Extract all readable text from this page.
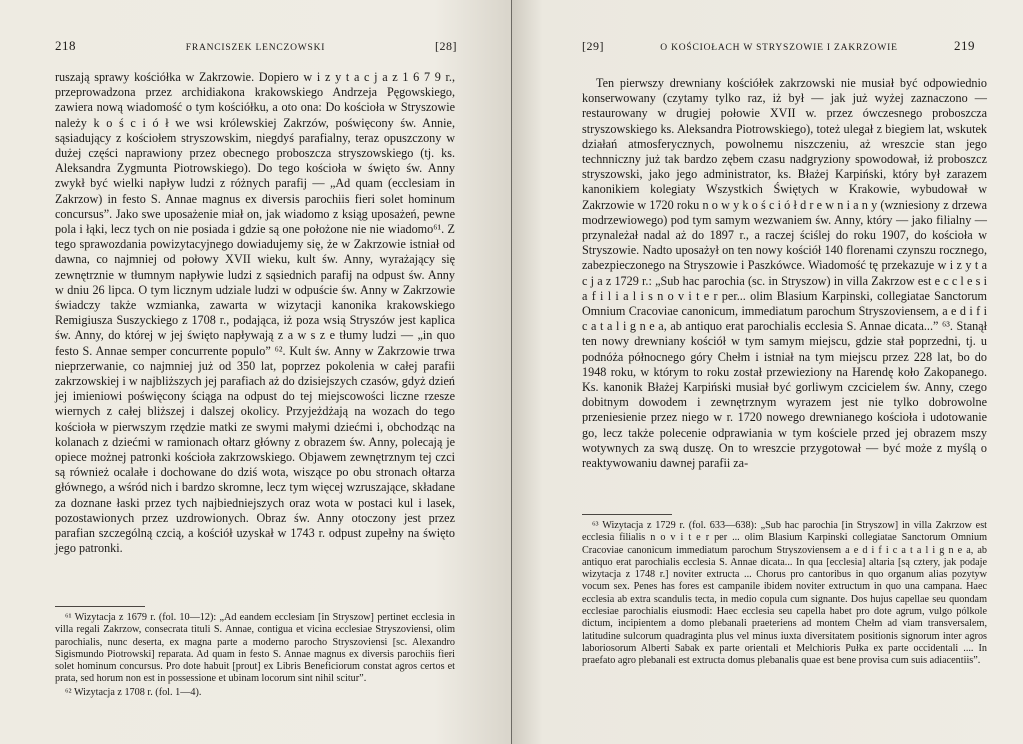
218	FRANCISZEK LENCZOWSKI	[28]

ruszają sprawy kościółka w Zakrzowie. Dopiero w i z y t a c j a z 1 6 7 9 r., przeprowadzona przez archidiakona krakowskiego Andrzeja Pęgowskiego, zawiera nową wiadomość o tym kościółku, a oto ona: Do kościoła w Stryszowie należy k o ś c i ó ł we wsi królewskiej Zakrzów, poświęcony św. Annie, sąsiadujący z kościołem stryszowskim, niegdyś parafialny, teraz opuszczony w dużej części naprawiony przez obecnego proboszcza stryszowskiego (tj. ks. Aleksandra Zygmunta Piotrowskiego). Do tego kościoła w święto św. Anny zwykł być wielki napływ ludzi z różnych parafij — „Ad quam (ecclesiam in Zakrzow) in festo S. Annae magnus ex diversis parochiis fieri solet hominum concursus”. Jako swe uposażenie miał on, jak wiadomo z ksiąg uposażeń, pewne pola i łąki, lecz tych on nie posiada i gdzie są one położone nie nie wiadomo⁶¹. Z tego sprawozdania powizytacyjnego dowiadujemy się, że w Zakrzowie istniał od dawna, co najmniej od połowy XVII wieku, kult św. Anny, wyrażający się zewnętrznie w tłumnym napływie ludzi z sąsiednich parafij na odpust św. Anny w dniu 26 lipca. O tym licznym udziale ludzi w odpuście św. Anny w Zakrzowie świadczy także wzmianka, zawarta w wizytacji kanonika krakowskiego Remigiusza Suszyckiego z 1708 r., podająca, iż poza wsią Stryszów jest kaplica św. Anny, do której w jej święto napływają z a w s z e tłumy ludzi — „in quo festo S. Annae semper concurrente populo” ⁶². Kult św. Anny w Zakrzowie trwa nieprzerwanie, co najmniej już od 350 lat, poprzez pokolenia w całej parafii zakrzowskiej i w najbliższych jej parafiach aż do dzisiejszych czasów, gdyż dzień jej imieniowi poświęcony ściąga na odpust do tej miejscowości liczne rzesze wiernych z całej bliższej i dalszej okolicy. Przyjeżdżają na wozach do tego kościoła w pierwszym rzędzie matki ze swymi małymi dziećmi i, obchodząc na kolanach z dziećmi w ramionach ołtarz główny z obrazem św. Anny, polecają je opiece możnej patronki kościoła zakrzowskiego. Objawem zewnętrznym tej czci są również ocalałe i dochowane do dziś wota, wiszące po obu stronach ołtarza głównego, a wśród nich i bardzo skromne, lecz tym więcej wzruszające, składane za doznane łaski przez tych najbiedniejszych oraz wota w postaci kul i lasek, pozostawionych przez uzdrowionych. Obraz św. Anny otoczony jest przez parafian szczególną czcią, a kościół uzyskał w 1743 r. odpust zupełny na święto jego patronki.

⁶¹ Wizytacja z 1679 r. (fol. 10—12): „Ad eandem ecclesiam [in Stryszow] pertinet ecclesia in villa regali Zakrzow, consecrata tituli S. Annae, contigua et vicina ecclesiae Stryszoviensi, olim parochialis, nunc deserta, ex magna parte a moderno parocho Stryszoviensi [sc. Alexandro Sigismundo Piotrowski] reparata. Ad quam in festo S. Annae magnus ex diversis parochiis fieri solet hominum concursus. Pro dote habuit [prout] ex Libris Beneficiorum constat agros certos et prata, sed horum non est in possessione et ubinam locorum sint nihil scitur”.

⁶² Wizytacja z 1708 r. (fol. 1—4).

[29]	O KOŚCIOŁACH W STRYSZOWIE I ZAKRZOWIE	219

Ten pierwszy drewniany kościółek zakrzowski nie musiał być odpowiednio konserwowany (czytamy tylko raz, iż był — jak już wyżej zaznaczono — restaurowany w drugiej połowie XVII w. przez ówczesnego proboszcza stryszowskiego ks. Aleksandra Piotrowskiego), toteż ulegał z biegiem lat, wskutek działań atmosferycznych, powolnemu niszczeniu, aż wreszcie stan jego technniczny już tak bardzo zębem czasu nadgryziony spowodował, iż proboszcz stryszowski, jako jego administrator, ks. Błażej Karpiński, który był zarazem kanonikiem kolegiaty Wszystkich Świętych w Krakowie, wybudował w Zakrzowie w 1720 roku n o w y k o ś c i ó ł d r e w n i a n y (wzniesiony z drzewa modrzewiowego) pod tym samym wezwaniem św. Anny, który — jako filialny — przynależał nadal aż do 1897 r., a raczej ściślej do roku 1907, do kościoła w Stryszowie. Nadto uposażył on ten nowy kościół 140 florenami czynszu rocznego, zabezpieczonego na Stryszowie i Paszkówce. Wiadomość tę przekazuje w i z y t a c j a z 1729 r.: „Sub hac parochia (sc. in Stryszow) in villa Zakrzow est e c c l e s i a f i l i a l i s n o v i t e r per... olim Blasium Karpinski, collegiatae Sanctorum Omnium Cracoviae canonicum, immediatum parochum Stryszoviensem, a e d i f i c a t a l i g n e a, ab antiquo erat parochialis ecclesia S. Annae dicata...” ⁶³. Stanął ten nowy drewniany kościół w tym samym miejscu, gdzie stał poprzedni, tj. u podnóża północnego góry Chełm i istniał na tym miejscu przez 228 lat, bo do 1948 roku, w którym to roku został przewieziony na Harendę koło Zakopanego. Ks. kanonik Błażej Karpiński musiał być gorliwym czcicielem św. Anny, czego dobitnym dowodem i zewnętrznym wyrazem jest nie tylko dobrowolne przeniesienie przez niego w r. 1720 nowego drewnianego kościoła i udotowanie go, lecz także polecenie odprawiania w tym kościele przed jej obrazem mszy wotywnych za swą duszę. On to wreszcie przygotował — być może z myślą o reaktywowaniu dawnej parafii za-

⁶³ Wizytacja z 1729 r. (fol. 633—638): „Sub hac parochia [in Stryszow] in villa Zakrzow est ecclesia filialis n o v i t e r per ... olim Blasium Karpinski collegiatae Sanctorum Omnium Cracoviae canonicum immediatum parochum Stryszoviensem a e d i f i c a t a l i g n e a, ab antiquo erat parochialis ecclesia S. Annae dicata... In qua [ecclesia] altaria [są cztery, jak podaje wizytacja z 1748 r.] noviter extructa ... Chorus pro cantoribus in quo organum alias pozytyw vocum sex. Penes has fores est campanile ibidem noviter extructum in quo una campana. Haec ecclesia ab extra scandulis tecta, in medio copula cum signante. Dos hujus capellae seu quondam ecclesiae parochialis eiusmodi: Haec ecclesia seu capella habet pro dote agrum, vulgo pólkole dictum, incipientem a domo plebanali praeteriens ad montem Chełm ad viam transversalem, latitudine sulcorum quadraginta plus vel minus iuxta diversitatem positionis signorum inter agros laboriosorum Alberti Sabak ex parte orientali et Melchioris Pułka ex parte occidentali .... In praefato agro plebanali est extructa domus plebanalis quae est bene provisa cum suis adiacentiis”.
